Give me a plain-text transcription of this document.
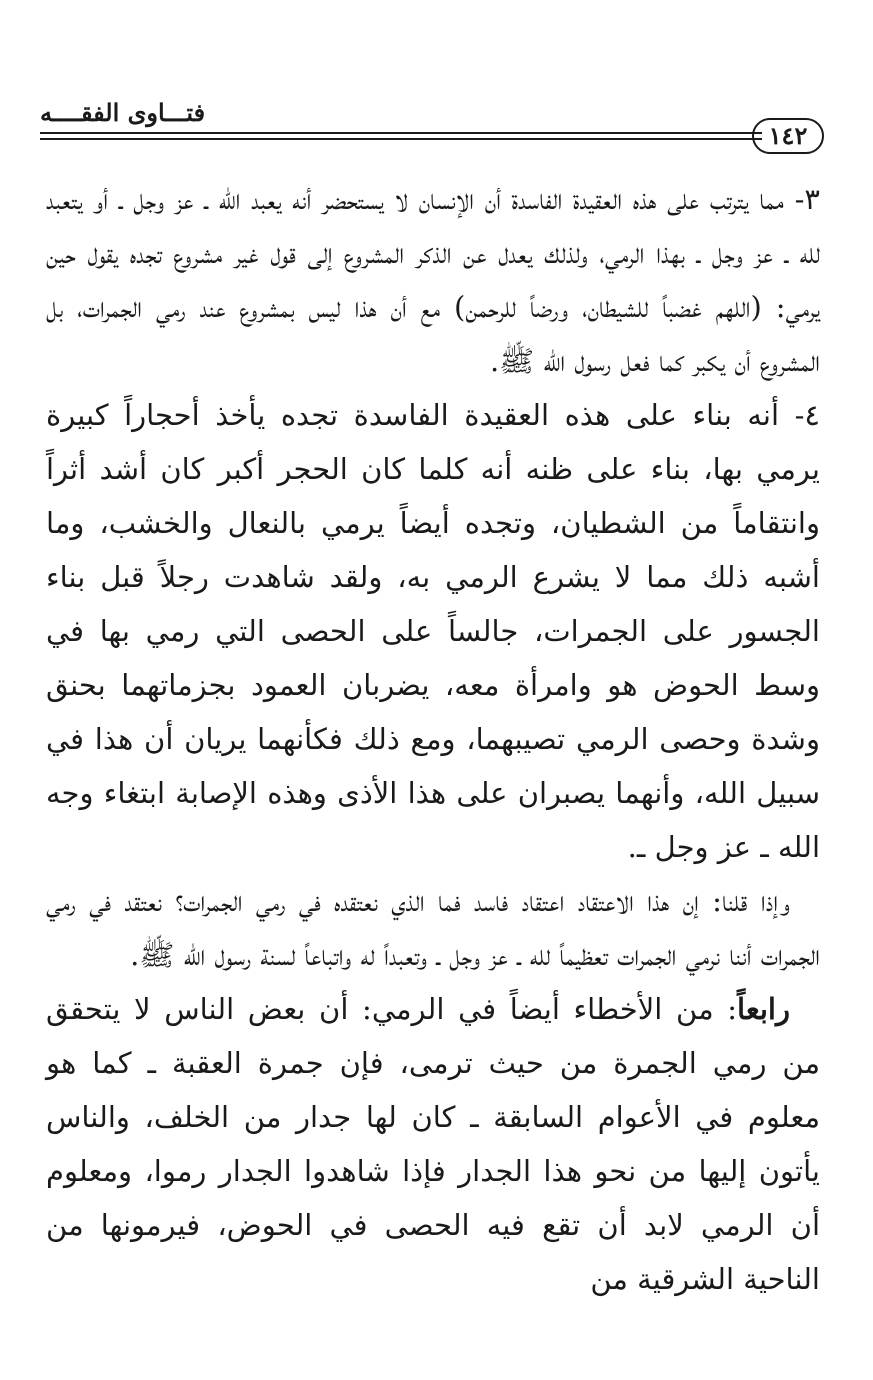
فتـــاوى الفقــــه
١٤٢

٣- مما يترتب على هذه العقيدة الفاسدة أن الإنسان لا يستحضر أنه يعبد الله ـ عز وجل ـ أو يتعبد لله ـ عز وجل ـ بهذا الرمي، ولذلك يعدل عن الذكر المشروع إلى قول غير مشروع تجده يقول حين يرمي: (اللهم غضباً للشيطان، ورضاً للرحمن) مع أن هذا ليس بمشروع عند رمي الجمرات، بل المشروع أن يكبر كما فعل رسول الله ﷺ.

٤- أنه بناء على هذه العقيدة الفاسدة تجده يأخذ أحجاراً كبيرة يرمي بها، بناء على ظنه أنه كلما كان الحجر أكبر كان أشد أثراً وانتقاماً من الشطيان، وتجده أيضاً يرمي بالنعال والخشب، وما أشبه ذلك مما لا يشرع الرمي به، ولقد شاهدت رجلاً قبل بناء الجسور على الجمرات، جالساً على الحصى التي رمي بها في وسط الحوض هو وامرأة معه، يضربان العمود بجزماتهما بحنق وشدة وحصى الرمي تصيبهما، ومع ذلك فكأنهما يريان أن هذا في سبيل الله، وأنهما يصبران على هذا الأذى وهذه الإصابة ابتغاء وجه الله ـ عز وجل ـ.

وإذا قلنا: إن هذا الاعتقاد اعتقاد فاسد فما الذي نعتقده في رمي الجمرات؟ نعتقد في رمي الجمرات أننا نرمي الجمرات تعظيماً لله ـ عز وجل ـ وتعبداً له واتباعاً لسنة رسول الله ﷺ.

رابعاً: من الأخطاء أيضاً في الرمي: أن بعض الناس لا يتحقق من رمي الجمرة من حيث ترمى، فإن جمرة العقبة ـ كما هو معلوم في الأعوام السابقة ـ كان لها جدار من الخلف، والناس يأتون إليها من نحو هذا الجدار فإذا شاهدوا الجدار رموا، ومعلوم أن الرمي لابد أن تقع فيه الحصى في الحوض، فيرمونها من الناحية الشرقية من
